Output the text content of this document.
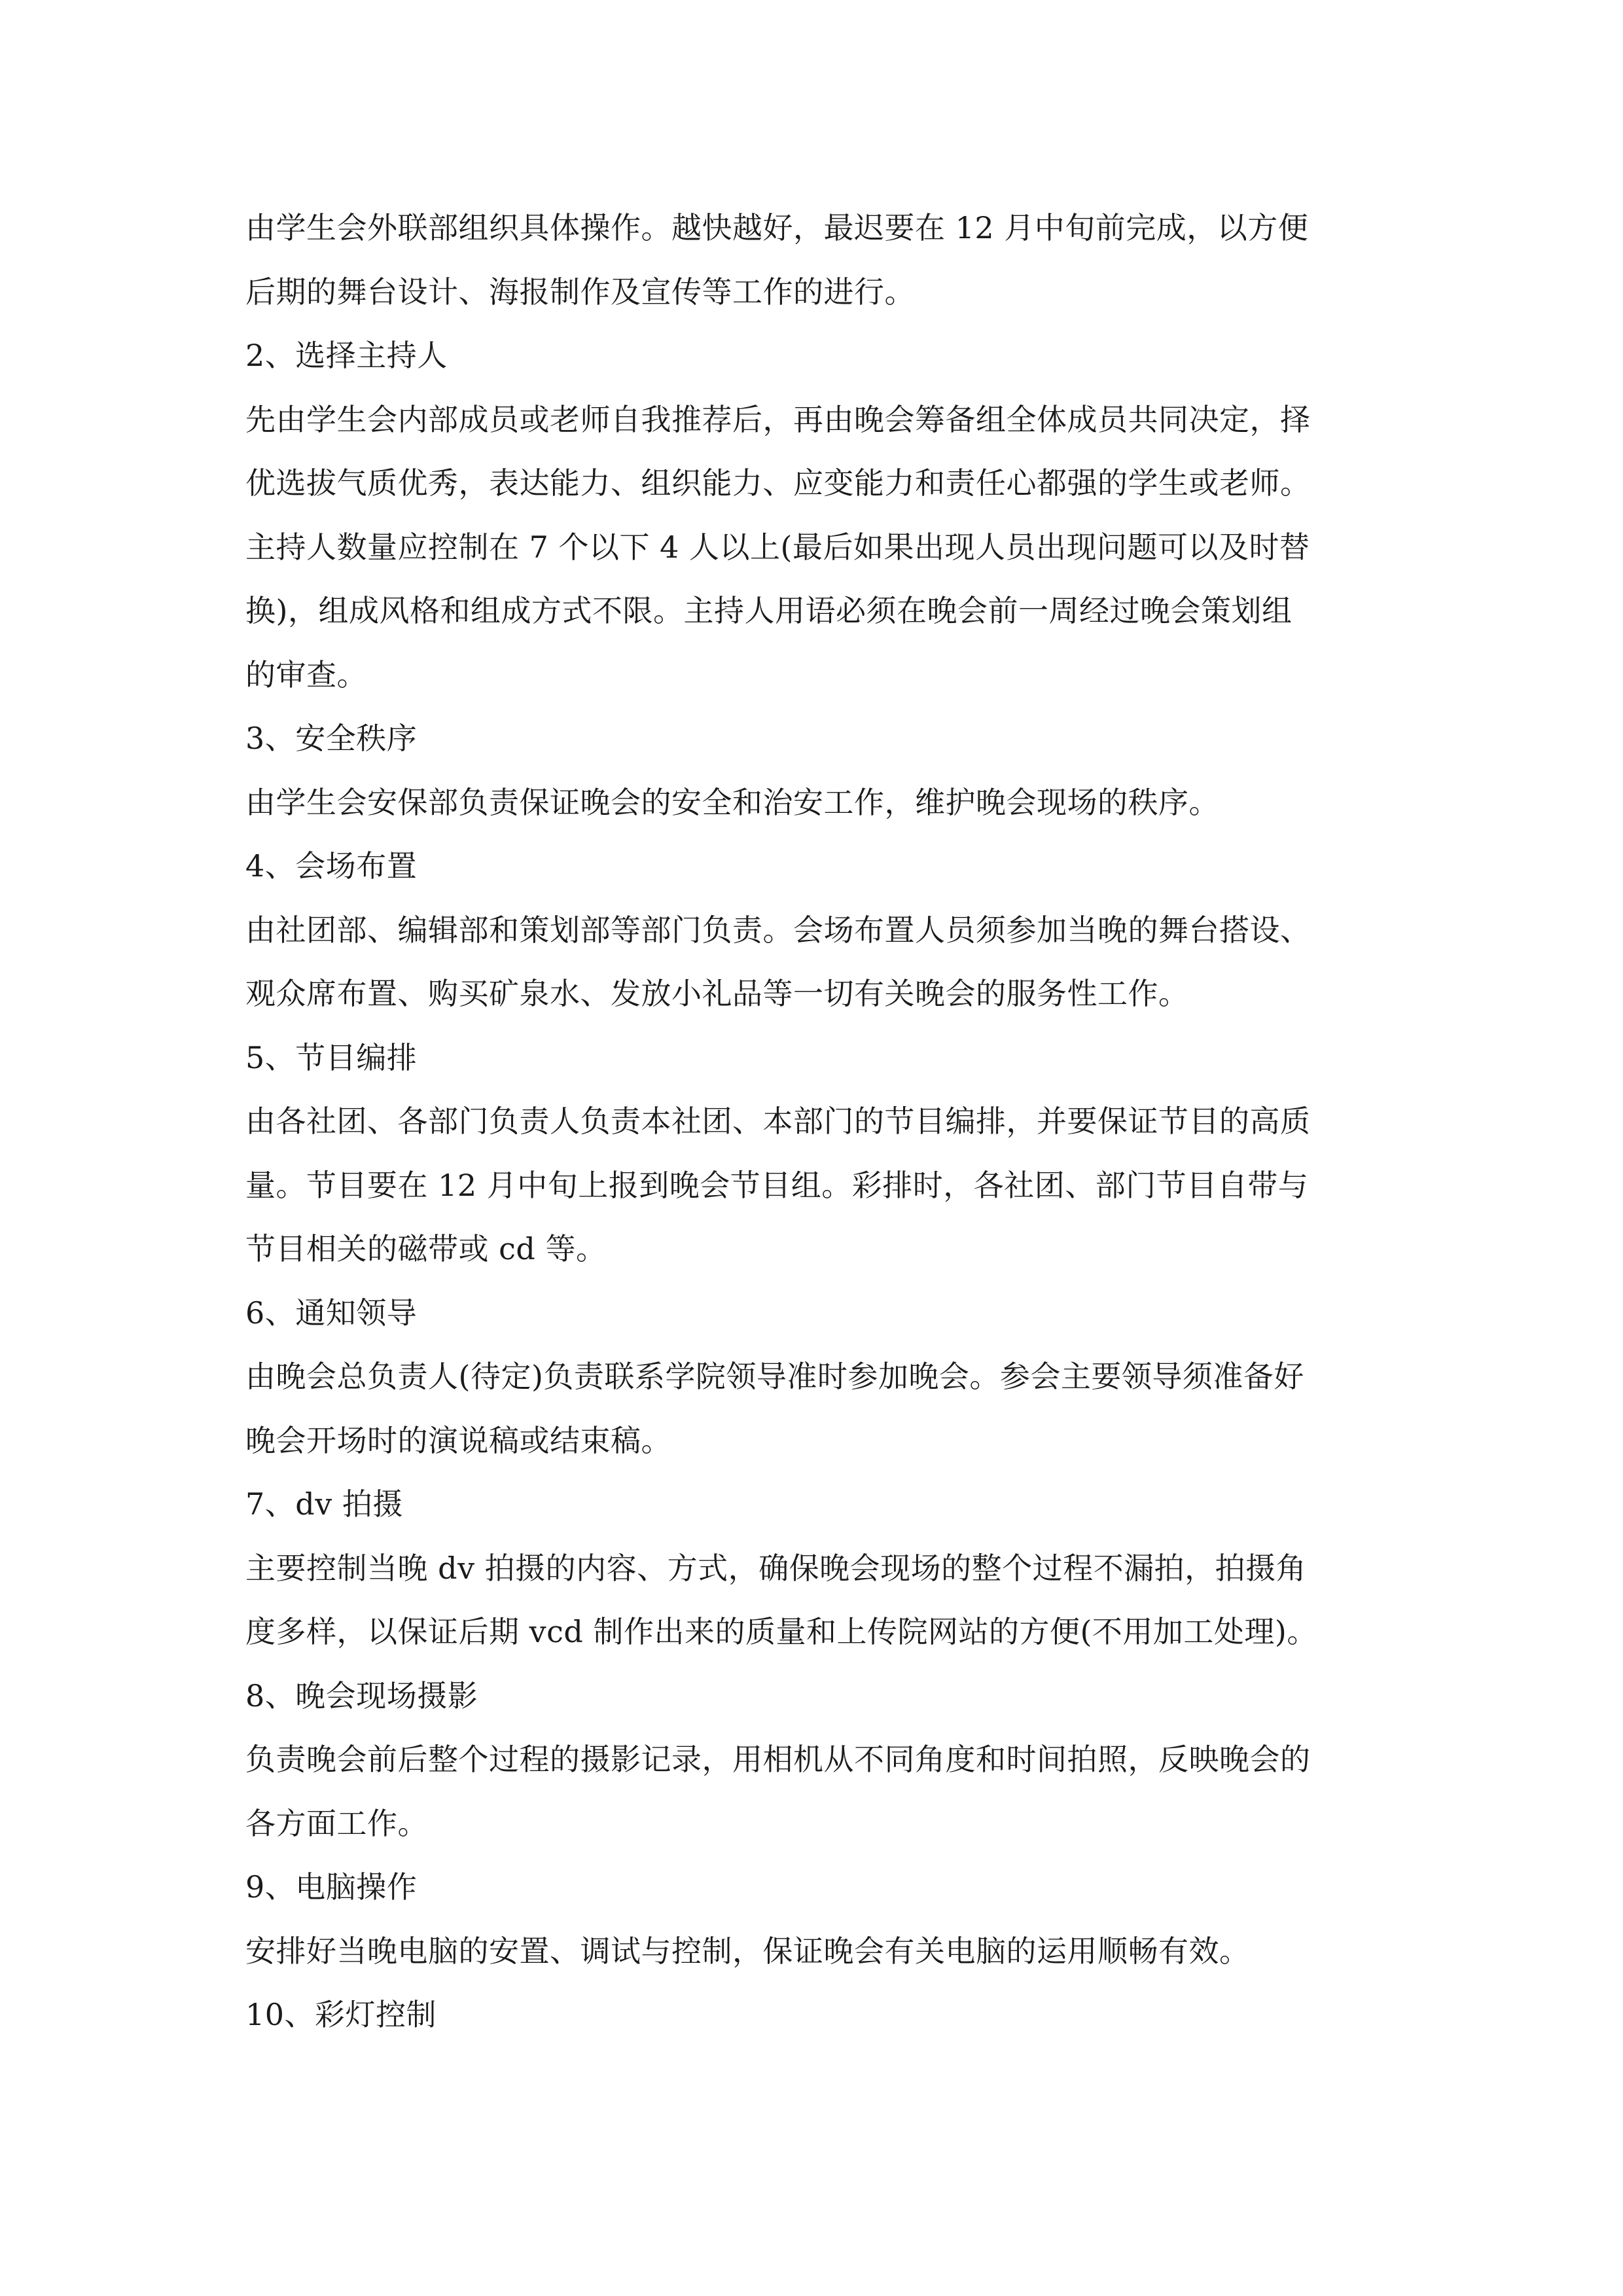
由学生会外联部组织具体操作。越快越好，最迟要在 12 月中旬前完成，以方便
后期的舞台设计、海报制作及宣传等工作的进行。
2、选择主持人
先由学生会内部成员或老师自我推荐后，再由晚会筹备组全体成员共同决定，择
优选拔气质优秀，表达能力、组织能力、应变能力和责任心都强的学生或老师。
主持人数量应控制在 7 个以下 4 人以上(最后如果出现人员出现问题可以及时替
换)，组成风格和组成方式不限。主持人用语必须在晚会前一周经过晚会策划组
的审查。
3、安全秩序
由学生会安保部负责保证晚会的安全和治安工作，维护晚会现场的秩序。
4、会场布置
由社团部、编辑部和策划部等部门负责。会场布置人员须参加当晚的舞台搭设、
观众席布置、购买矿泉水、发放小礼品等一切有关晚会的服务性工作。
5、节目编排
由各社团、各部门负责人负责本社团、本部门的节目编排，并要保证节目的高质
量。节目要在 12 月中旬上报到晚会节目组。彩排时，各社团、部门节目自带与
节目相关的磁带或 cd 等。
6、通知领导
由晚会总负责人(待定)负责联系学院领导准时参加晚会。参会主要领导须准备好
晚会开场时的演说稿或结束稿。
7、dv 拍摄
主要控制当晚 dv 拍摄的内容、方式，确保晚会现场的整个过程不漏拍，拍摄角
度多样，以保证后期 vcd 制作出来的质量和上传院网站的方便(不用加工处理)。
8、晚会现场摄影
负责晚会前后整个过程的摄影记录，用相机从不同角度和时间拍照，反映晚会的
各方面工作。
9、电脑操作
安排好当晚电脑的安置、调试与控制，保证晚会有关电脑的运用顺畅有效。
10、彩灯控制
